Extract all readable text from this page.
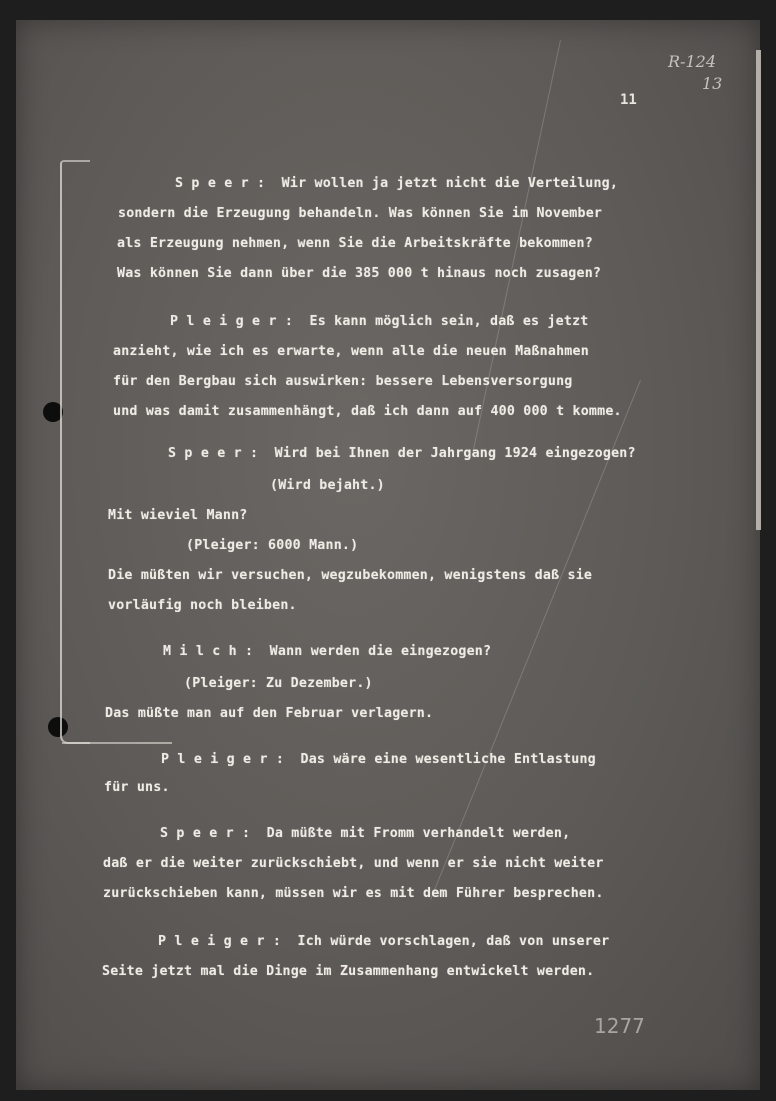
R-124
13
11
S p e e r :  Wir wollen ja jetzt nicht die Verteilung,
sondern die Erzeugung behandeln. Was können Sie im November
als Erzeugung nehmen, wenn Sie die Arbeitskräfte bekommen?
Was können Sie dann über die 385 000 t hinaus noch zusagen?
P l e i g e r :  Es kann möglich sein, daß es jetzt
anzieht, wie ich es erwarte, wenn alle die neuen Maßnahmen
für den Bergbau sich auswirken: bessere Lebensversorgung
und was damit zusammenhängt, daß ich dann auf 400 000 t komme.
S p e e r :  Wird bei Ihnen der Jahrgang 1924 eingezogen?
(Wird bejaht.)
Mit wieviel Mann?
(Pleiger: 6000 Mann.)
Die müßten wir versuchen, wegzubekommen, wenigstens daß sie
vorläufig noch bleiben.
M i l c h :  Wann werden die eingezogen?
(Pleiger: Zu Dezember.)
Das müßte man auf den Februar verlagern.
P l e i g e r :  Das wäre eine wesentliche Entlastung
für uns.
S p e e r :  Da müßte mit Fromm verhandelt werden,
daß er die weiter zurückschiebt, und wenn er sie nicht weiter
zurückschieben kann, müssen wir es mit dem Führer besprechen.
P l e i g e r :  Ich würde vorschlagen, daß von unserer
Seite jetzt mal die Dinge im Zusammenhang entwickelt werden.
1277
